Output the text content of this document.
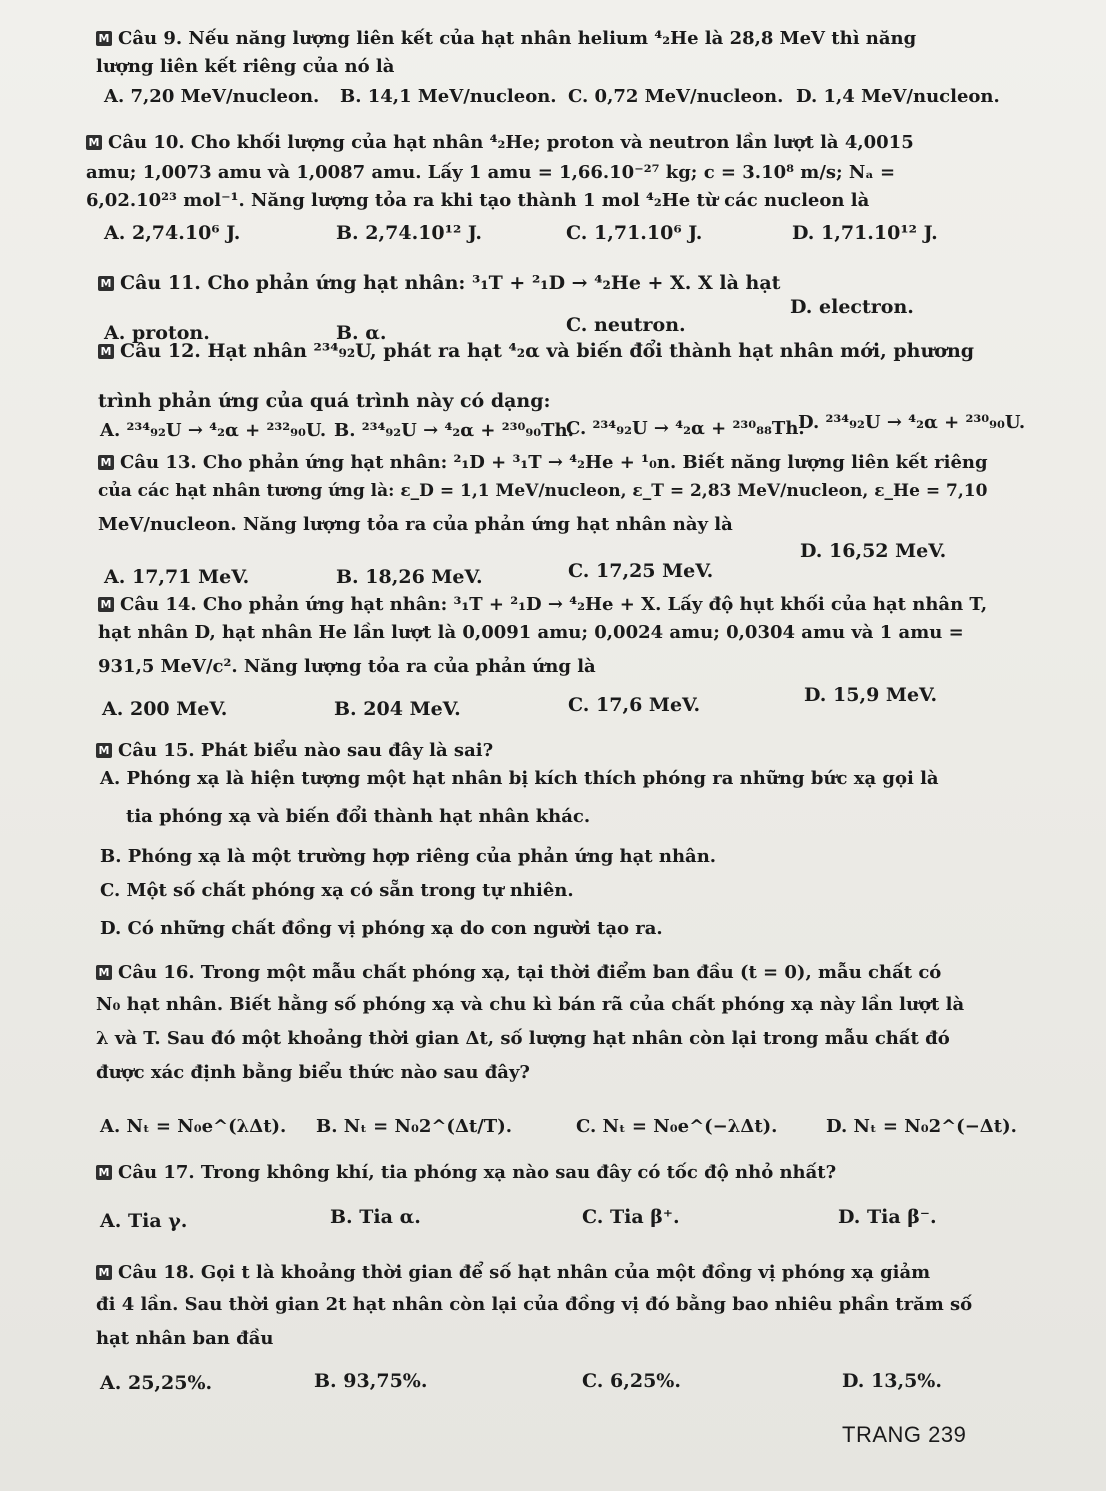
M Câu 9. Nếu năng lượng liên kết của hạt nhân helium ⁴₂He là 28,8 MeV thì năng
lượng liên kết riêng của nó là
A. 7,20 MeV/nucleon. B. 14,1 MeV/nucleon. C. 0,72 MeV/nucleon. D. 1,4 MeV/nucleon.
M Câu 10. Cho khối lượng của hạt nhân ⁴₂He; proton và neutron lần lượt là 4,0015
amu; 1,0073 amu và 1,0087 amu. Lấy 1 amu = 1,66.10⁻²⁷ kg; c = 3.10⁸ m/s; Nₐ =
6,02.10²³ mol⁻¹. Năng lượng tỏa ra khi tạo thành 1 mol ⁴₂He từ các nucleon là
A. 2,74.10⁶ J.	B. 2,74.10¹² J.	C. 1,71.10⁶ J.	D. 1,71.10¹² J.
M Câu 11. Cho phản ứng hạt nhân: ³₁T + ²₁D → ⁴₂He + X. X là hạt
A. proton.	B. α.	C. neutron.
D. electron.
M Câu 12. Hạt nhân ²³⁴₉₂U, phát ra hạt ⁴₂α và biến đổi thành hạt nhân mới, phương
trình phản ứng của quá trình này có dạng:
A. ²³⁴₉₂U → ⁴₂α + ²³²₉₀U. B. ²³⁴₉₂U → ⁴₂α + ²³⁰₉₀Th.
C. ²³⁴₉₂U → ⁴₂α + ²³⁰₈₈Th.
D. ²³⁴₉₂U → ⁴₂α + ²³⁰₉₀U.
M Câu 13. Cho phản ứng hạt nhân: ²₁D + ³₁T → ⁴₂He + ¹₀n. Biết năng lượng liên kết riêng
của các hạt nhân tương ứng là: ε_D = 1,1 MeV/nucleon, ε_T = 2,83 MeV/nucleon, ε_He = 7,10
MeV/nucleon. Năng lượng tỏa ra của phản ứng hạt nhân này là
A. 17,71 MeV.	B. 18,26 MeV.	C. 17,25 MeV.
D. 16,52 MeV.
M Câu 14. Cho phản ứng hạt nhân: ³₁T + ²₁D → ⁴₂He + X. Lấy độ hụt khối của hạt nhân T,
hạt nhân D, hạt nhân He lần lượt là 0,0091 amu; 0,0024 amu; 0,0304 amu và 1 amu =
931,5 MeV/c². Năng lượng tỏa ra của phản ứng là
A. 200 MeV.	B. 204 MeV.	C. 17,6 MeV.	D. 15,9 MeV.
M Câu 15. Phát biểu nào sau đây là sai?
A. Phóng xạ là hiện tượng một hạt nhân bị kích thích phóng ra những bức xạ gọi là
tia phóng xạ và biến đổi thành hạt nhân khác.
B. Phóng xạ là một trường hợp riêng của phản ứng hạt nhân.
C. Một số chất phóng xạ có sẵn trong tự nhiên.
D. Có những chất đồng vị phóng xạ do con người tạo ra.
M Câu 16. Trong một mẫu chất phóng xạ, tại thời điểm ban đầu (t = 0), mẫu chất có
N₀ hạt nhân. Biết hằng số phóng xạ và chu kì bán rã của chất phóng xạ này lần lượt là
λ và T. Sau đó một khoảng thời gian Δt, số lượng hạt nhân còn lại trong mẫu chất đó
được xác định bằng biểu thức nào sau đây?
A. Nₜ = N₀e^(λΔt). B. Nₜ = N₀2^(Δt/T).	C. Nₜ = N₀e^(−λΔt).	D. Nₜ = N₀2^(−Δt).
M Câu 17. Trong không khí, tia phóng xạ nào sau đây có tốc độ nhỏ nhất?
A. Tia γ.	B. Tia α.	C. Tia β⁺.	D. Tia β⁻.
M Câu 18. Gọi t là khoảng thời gian để số hạt nhân của một đồng vị phóng xạ giảm
đi 4 lần. Sau thời gian 2t hạt nhân còn lại của đồng vị đó bằng bao nhiêu phần trăm số
hạt nhân ban đầu
A. 25,25%.	B. 93,75%.	C. 6,25%.	D. 13,5%.
TRANG 239
